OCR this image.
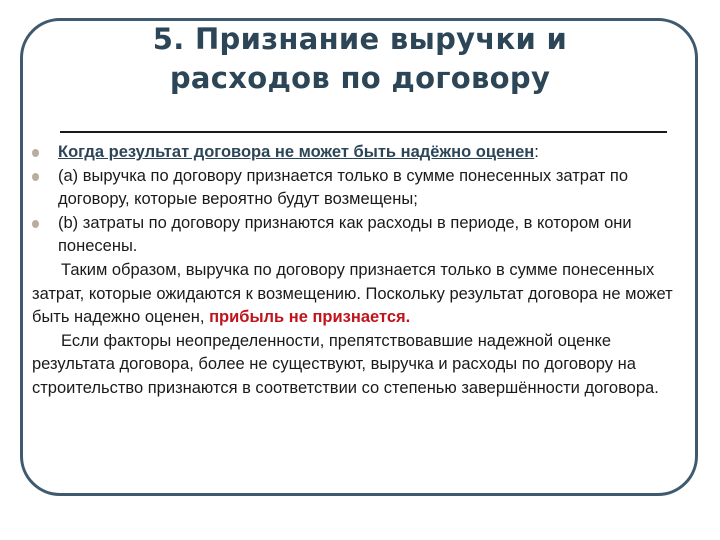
5. Признание выручки и
расходов по договору
Когда результат договора не может быть надёжно оценен:
(а) выручка по договору признается только в сумме понесенных затрат по договору, которые вероятно будут возмещены;
(b) затраты по договору признаются как расходы в периоде, в котором они понесены.
Таким образом, выручка по договору признается только в сумме понесенных затрат, которые ожидаются к возмещению. Поскольку результат договора не может быть надежно оценен, прибыль не признается.
Если факторы неопределенности, препятствовавшие надежной оценке результата договора, более не существуют, выручка и расходы по договору на строительство признаются в соответствии со степенью завершённости договора.
